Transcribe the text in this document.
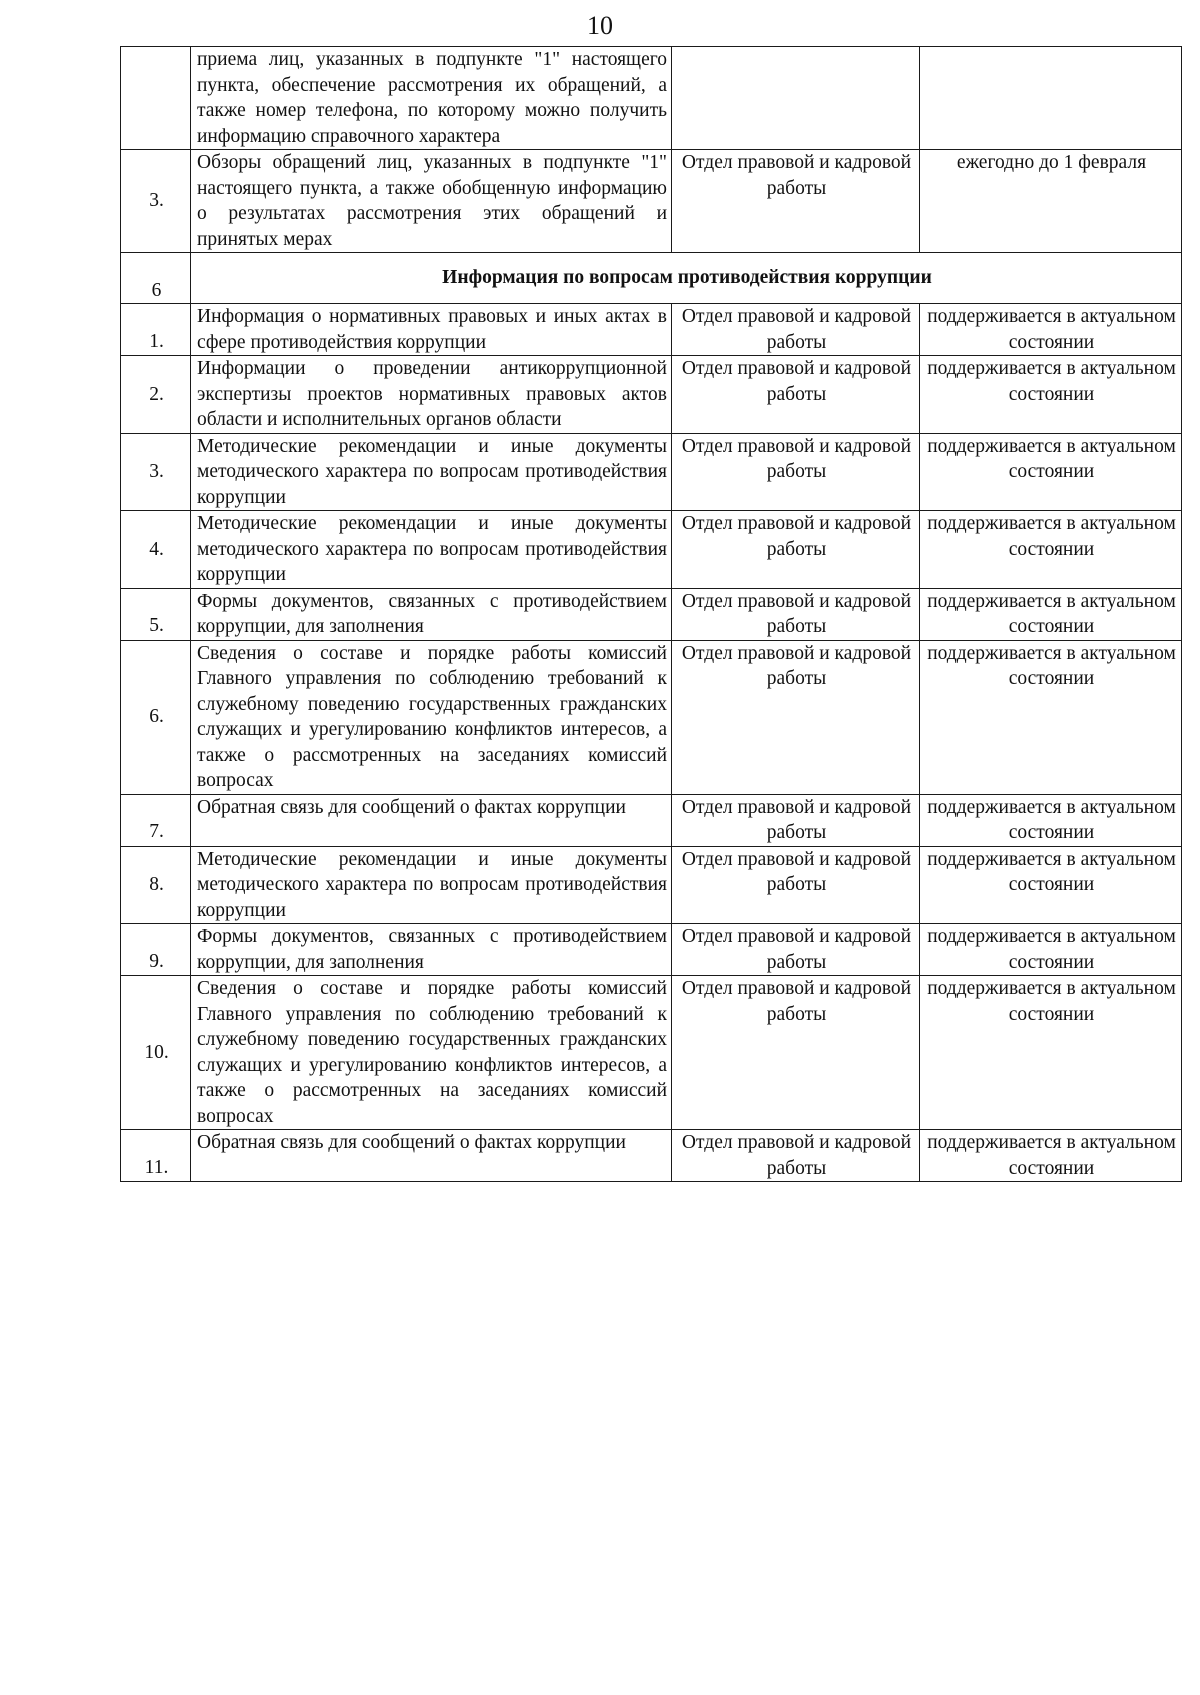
10
	приема лиц, указанных в подпункте "1" настоящего пункта, обеспечение рассмотрения их обращений, а также номер телефона, по которому можно получить информацию справочного характера		
3.	Обзоры обращений лиц, указанных в подпункте "1" настоящего пункта, а также обобщенную информацию о результатах рассмотрения этих обращений и принятых мерах	Отдел правовой и кадровой работы	ежегодно до 1 февраля
6	Информация по вопросам противодействия коррупции		
1.	Информация о нормативных правовых и иных актах в сфере противодействия коррупции	Отдел правовой и кадровой работы	поддерживается в актуальном состоянии
2.	Информации о проведении антикоррупционной экспертизы проектов нормативных правовых актов области и исполнительных органов области	Отдел правовой и кадровой работы	поддерживается в актуальном состоянии
3.	Методические рекомендации и иные документы методического характера по вопросам противодействия коррупции	Отдел правовой и кадровой работы	поддерживается в актуальном состоянии
4.	Методические рекомендации и иные документы методического характера по вопросам противодействия коррупции	Отдел правовой и кадровой работы	поддерживается в актуальном состоянии
5.	Формы документов, связанных с противодействием коррупции, для заполнения	Отдел правовой и кадровой работы	поддерживается в актуальном состоянии
6.	Сведения о составе и порядке работы комиссий Главного управления по соблюдению требований к служебному поведению государственных гражданских служащих и урегулированию конфликтов интересов, а также о рассмотренных на заседаниях комиссий вопросах	Отдел правовой и кадровой работы	поддерживается в актуальном состоянии
7.	Обратная связь для сообщений о фактах коррупции	Отдел правовой и кадровой работы	поддерживается в актуальном состоянии
8.	Методические рекомендации и иные документы методического характера по вопросам противодействия коррупции	Отдел правовой и кадровой работы	поддерживается в актуальном состоянии
9.	Формы документов, связанных с противодействием коррупции, для заполнения	Отдел правовой и кадровой работы	поддерживается в актуальном состоянии
10.	Сведения о составе и порядке работы комиссий Главного управления по соблюдению требований к служебному поведению государственных гражданских служащих и урегулированию конфликтов интересов, а также о рассмотренных на заседаниях комиссий вопросах	Отдел правовой и кадровой работы	поддерживается в актуальном состоянии
11.	Обратная связь для сообщений о фактах коррупции	Отдел правовой и кадровой работы	поддерживается в актуальном состоянии
